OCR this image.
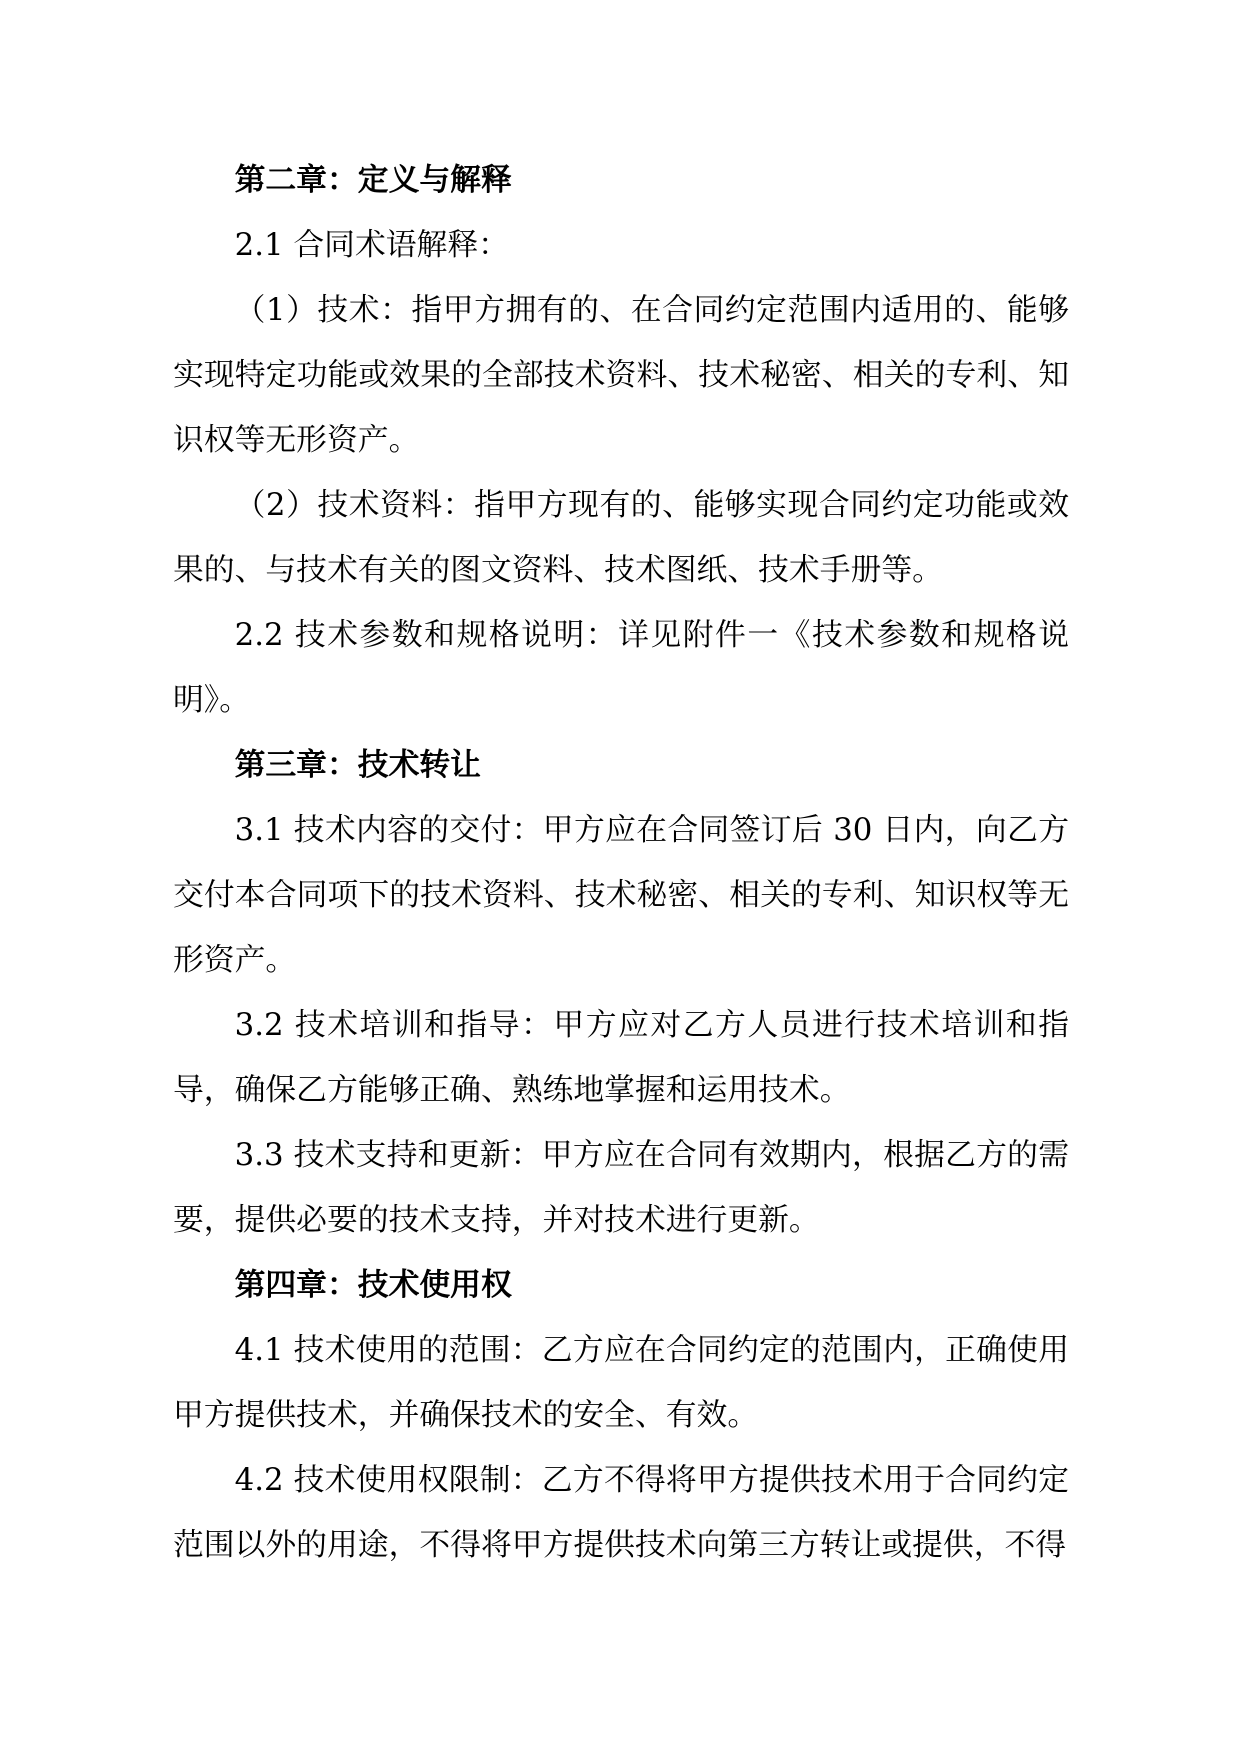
第二章：定义与解释

2.1 合同术语解释：

（1）技术：指甲方拥有的、在合同约定范围内适用的、能够实现特定功能或效果的全部技术资料、技术秘密、相关的专利、知识权等无形资产。

（2）技术资料：指甲方现有的、能够实现合同约定功能或效果的、与技术有关的图文资料、技术图纸、技术手册等。

2.2 技术参数和规格说明：详见附件一《技术参数和规格说明》。

第三章：技术转让

3.1 技术内容的交付：甲方应在合同签订后 30 日内，向乙方交付本合同项下的技术资料、技术秘密、相关的专利、知识权等无形资产。

3.2 技术培训和指导：甲方应对乙方人员进行技术培训和指导，确保乙方能够正确、熟练地掌握和运用技术。

3.3 技术支持和更新：甲方应在合同有效期内，根据乙方的需要，提供必要的技术支持，并对技术进行更新。

第四章：技术使用权

4.1 技术使用的范围：乙方应在合同约定的范围内，正确使用甲方提供技术，并确保技术的安全、有效。

4.2 技术使用权限制：乙方不得将甲方提供技术用于合同约定范围以外的用途，不得将甲方提供技术向第三方转让或提供，不得
